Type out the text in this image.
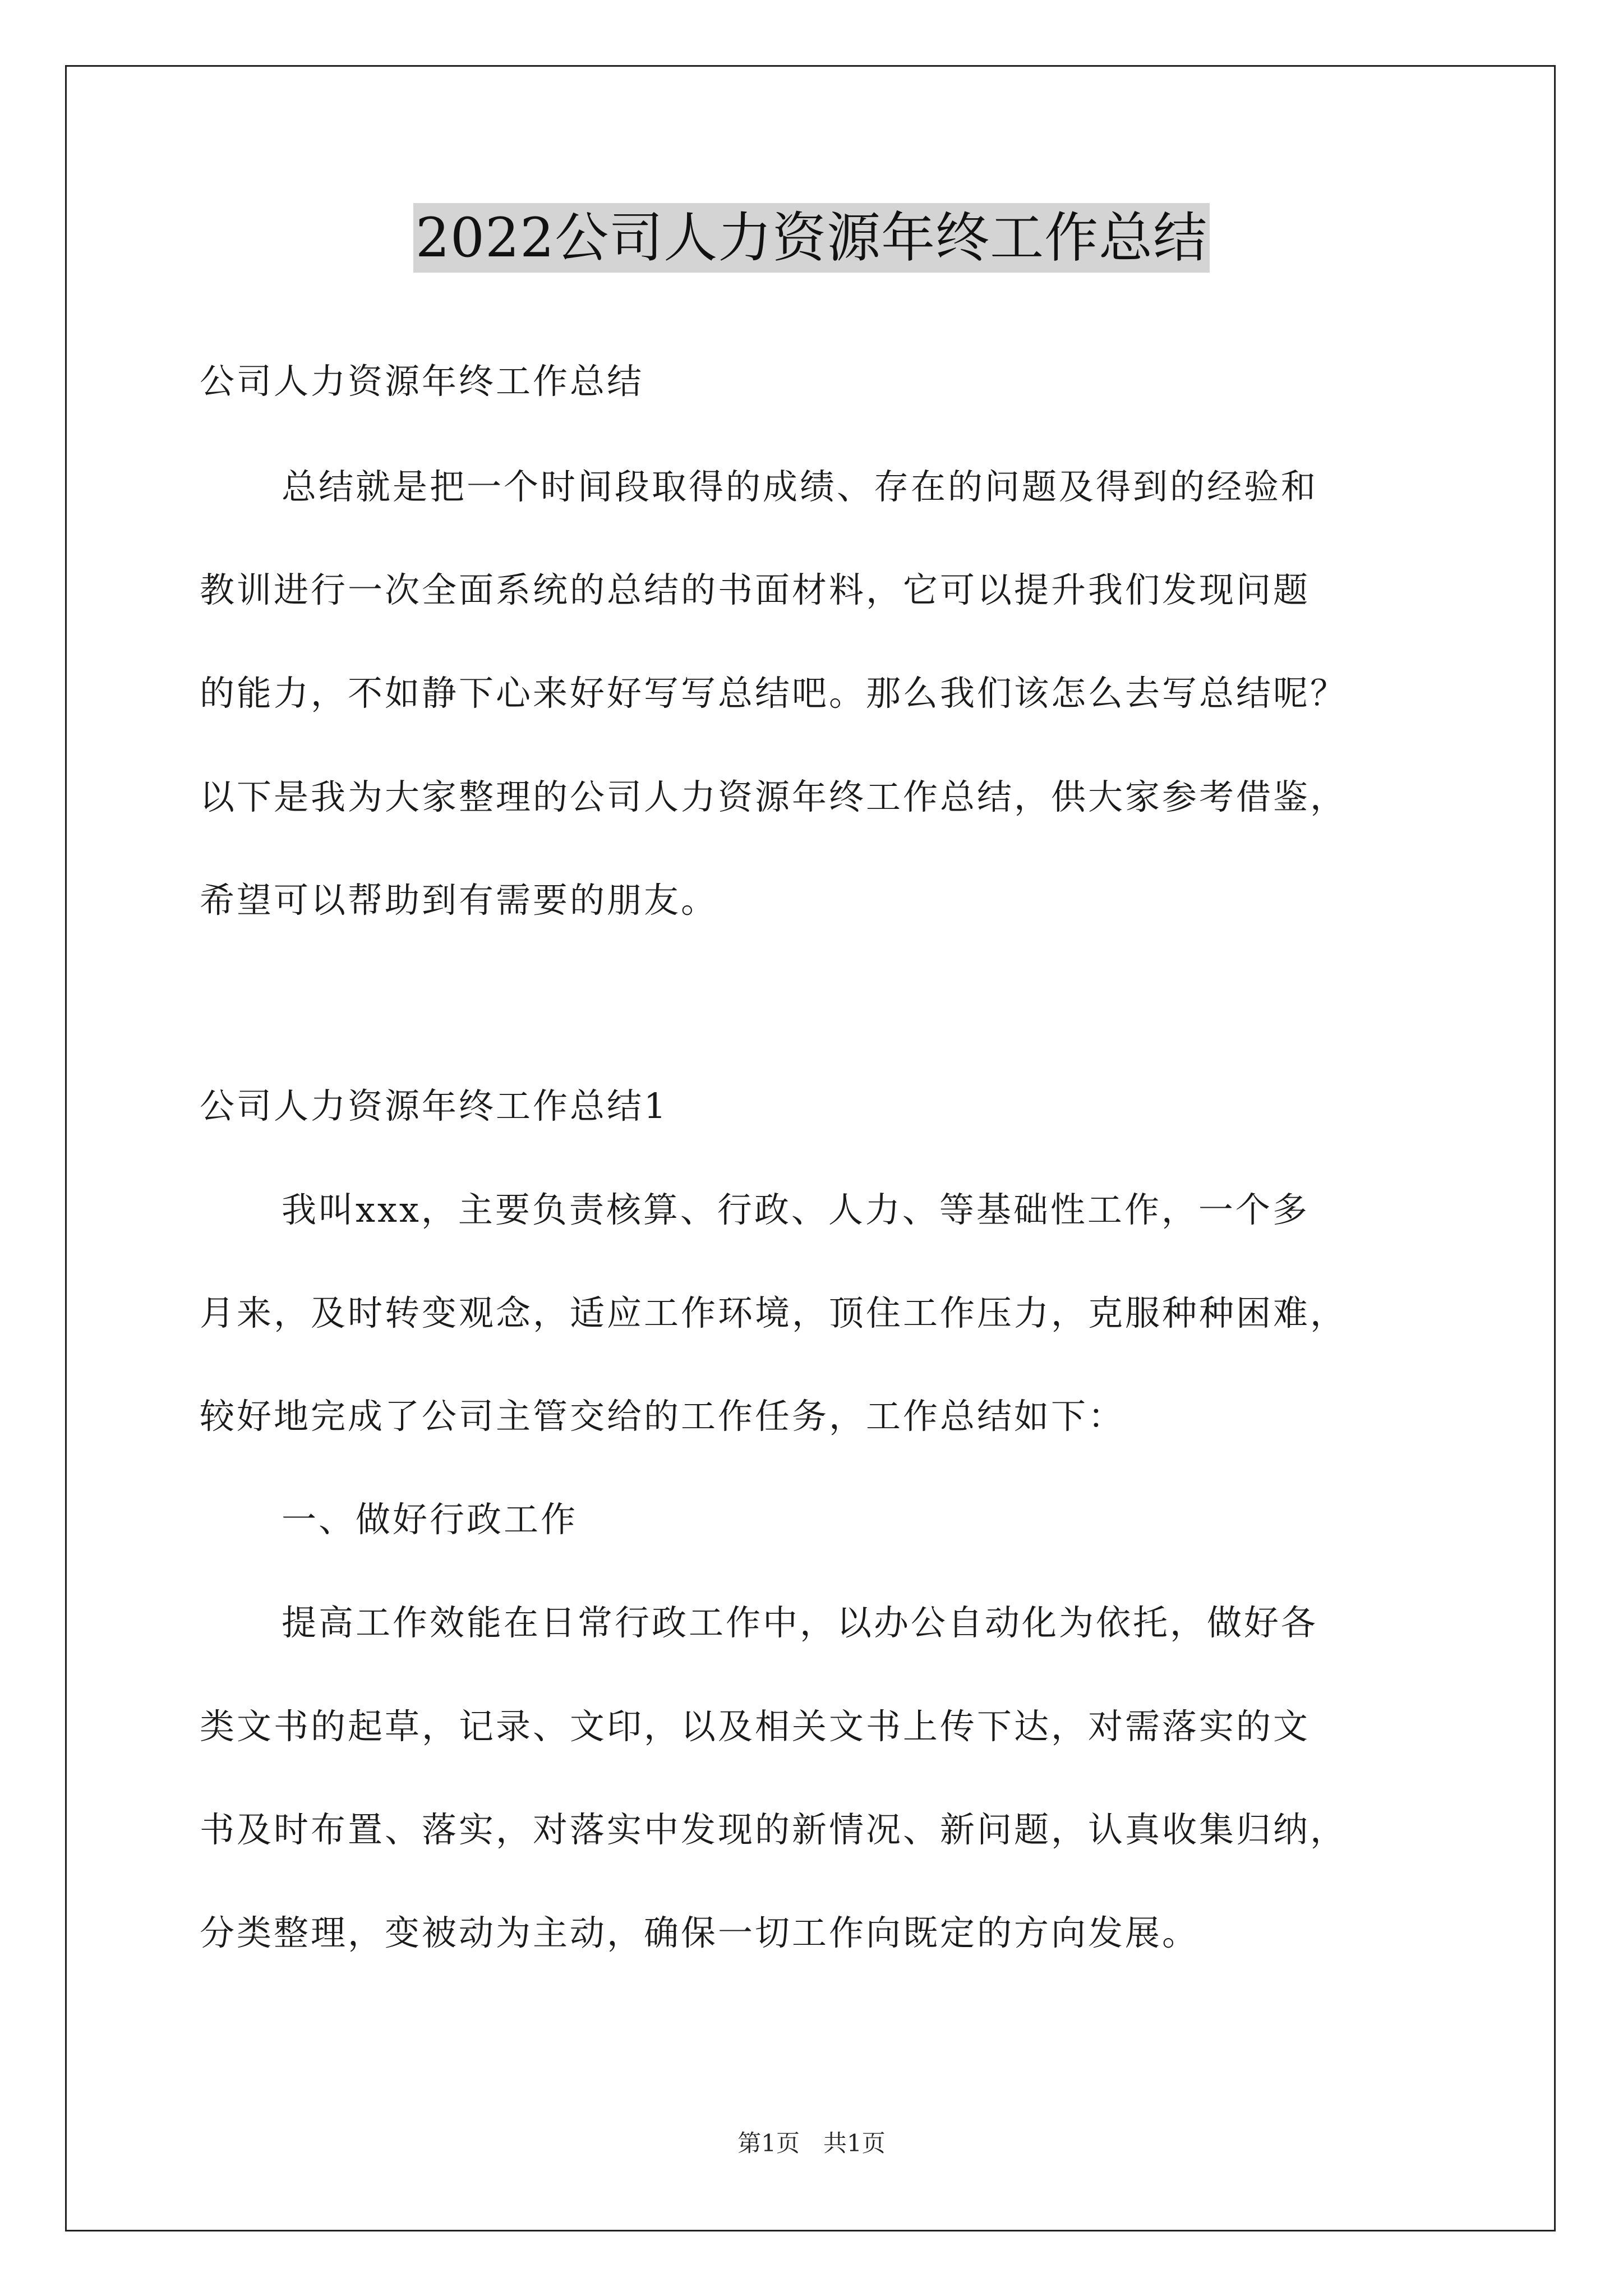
2022公司人力资源年终工作总结
公司人力资源年终工作总结
总结就是把一个时间段取得的成绩、存在的问题及得到的经验和
教训进行一次全面系统的总结的书面材料，它可以提升我们发现问题
的能力，不如静下心来好好写写总结吧。那么我们该怎么去写总结呢？
以下是我为大家整理的公司人力资源年终工作总结，供大家参考借鉴，
希望可以帮助到有需要的朋友。
公司人力资源年终工作总结1
我叫xxx，主要负责核算、行政、人力、等基础性工作，一个多
月来，及时转变观念，适应工作环境，顶住工作压力，克服种种困难，
较好地完成了公司主管交给的工作任务，工作总结如下：
一、做好行政工作
提高工作效能在日常行政工作中，以办公自动化为依托，做好各
类文书的起草，记录、文印，以及相关文书上传下达，对需落实的文
书及时布置、落实，对落实中发现的新情况、新问题，认真收集归纳，
分类整理，变被动为主动，确保一切工作向既定的方向发展。
第1页　共1页
